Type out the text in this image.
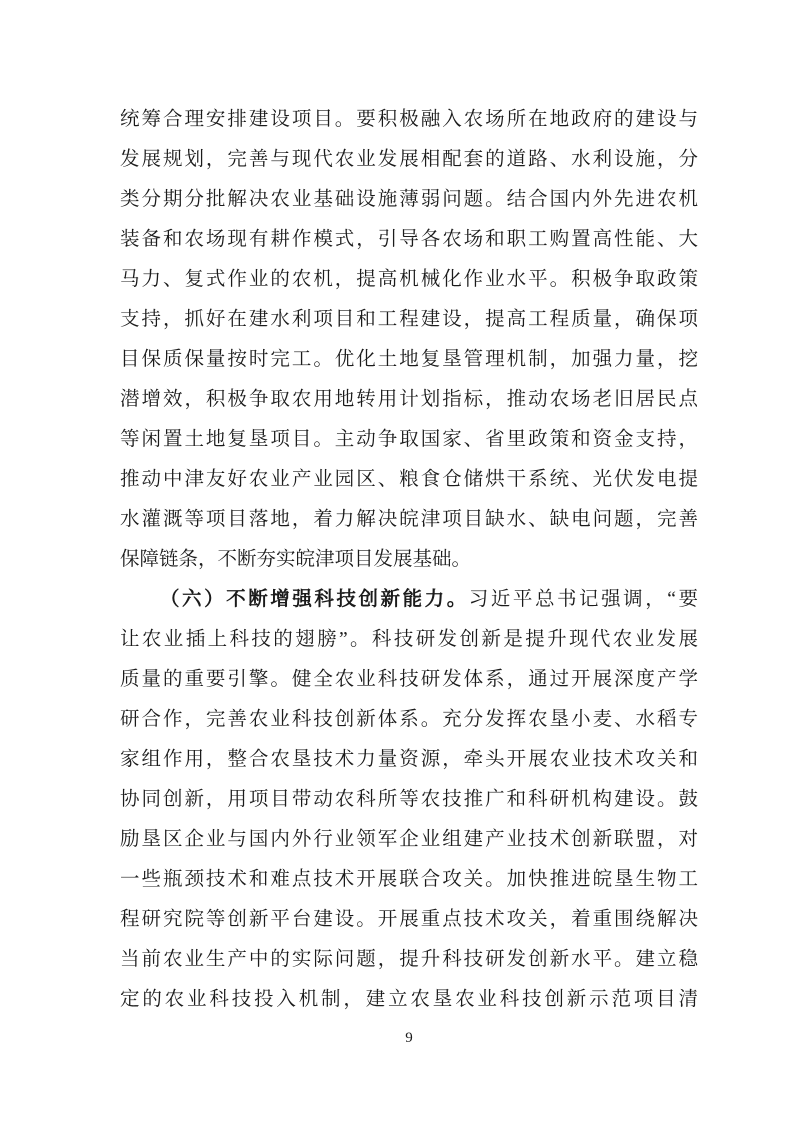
统筹合理安排建设项目。要积极融入农场所在地政府的建设与
发展规划，完善与现代农业发展相配套的道路、水利设施，分
类分期分批解决农业基础设施薄弱问题。结合国内外先进农机
装备和农场现有耕作模式，引导各农场和职工购置高性能、大
马力、复式作业的农机，提高机械化作业水平。积极争取政策
支持，抓好在建水利项目和工程建设，提高工程质量，确保项
目保质保量按时完工。优化土地复垦管理机制，加强力量，挖
潜增效，积极争取农用地转用计划指标，推动农场老旧居民点
等闲置土地复垦项目。主动争取国家、省里政策和资金支持，
推动中津友好农业产业园区、粮食仓储烘干系统、光伏发电提
水灌溉等项目落地，着力解决皖津项目缺水、缺电问题，完善
保障链条，不断夯实皖津项目发展基础。
（六）不断增强科技创新能力。习近平总书记强调，“要
让农业插上科技的翅膀”。科技研发创新是提升现代农业发展
质量的重要引擎。健全农业科技研发体系，通过开展深度产学
研合作，完善农业科技创新体系。充分发挥农垦小麦、水稻专
家组作用，整合农垦技术力量资源，牵头开展农业技术攻关和
协同创新，用项目带动农科所等农技推广和科研机构建设。鼓
励垦区企业与国内外行业领军企业组建产业技术创新联盟，对
一些瓶颈技术和难点技术开展联合攻关。加快推进皖垦生物工
程研究院等创新平台建设。开展重点技术攻关，着重围绕解决
当前农业生产中的实际问题，提升科技研发创新水平。建立稳
定的农业科技投入机制，建立农垦农业科技创新示范项目清
9
